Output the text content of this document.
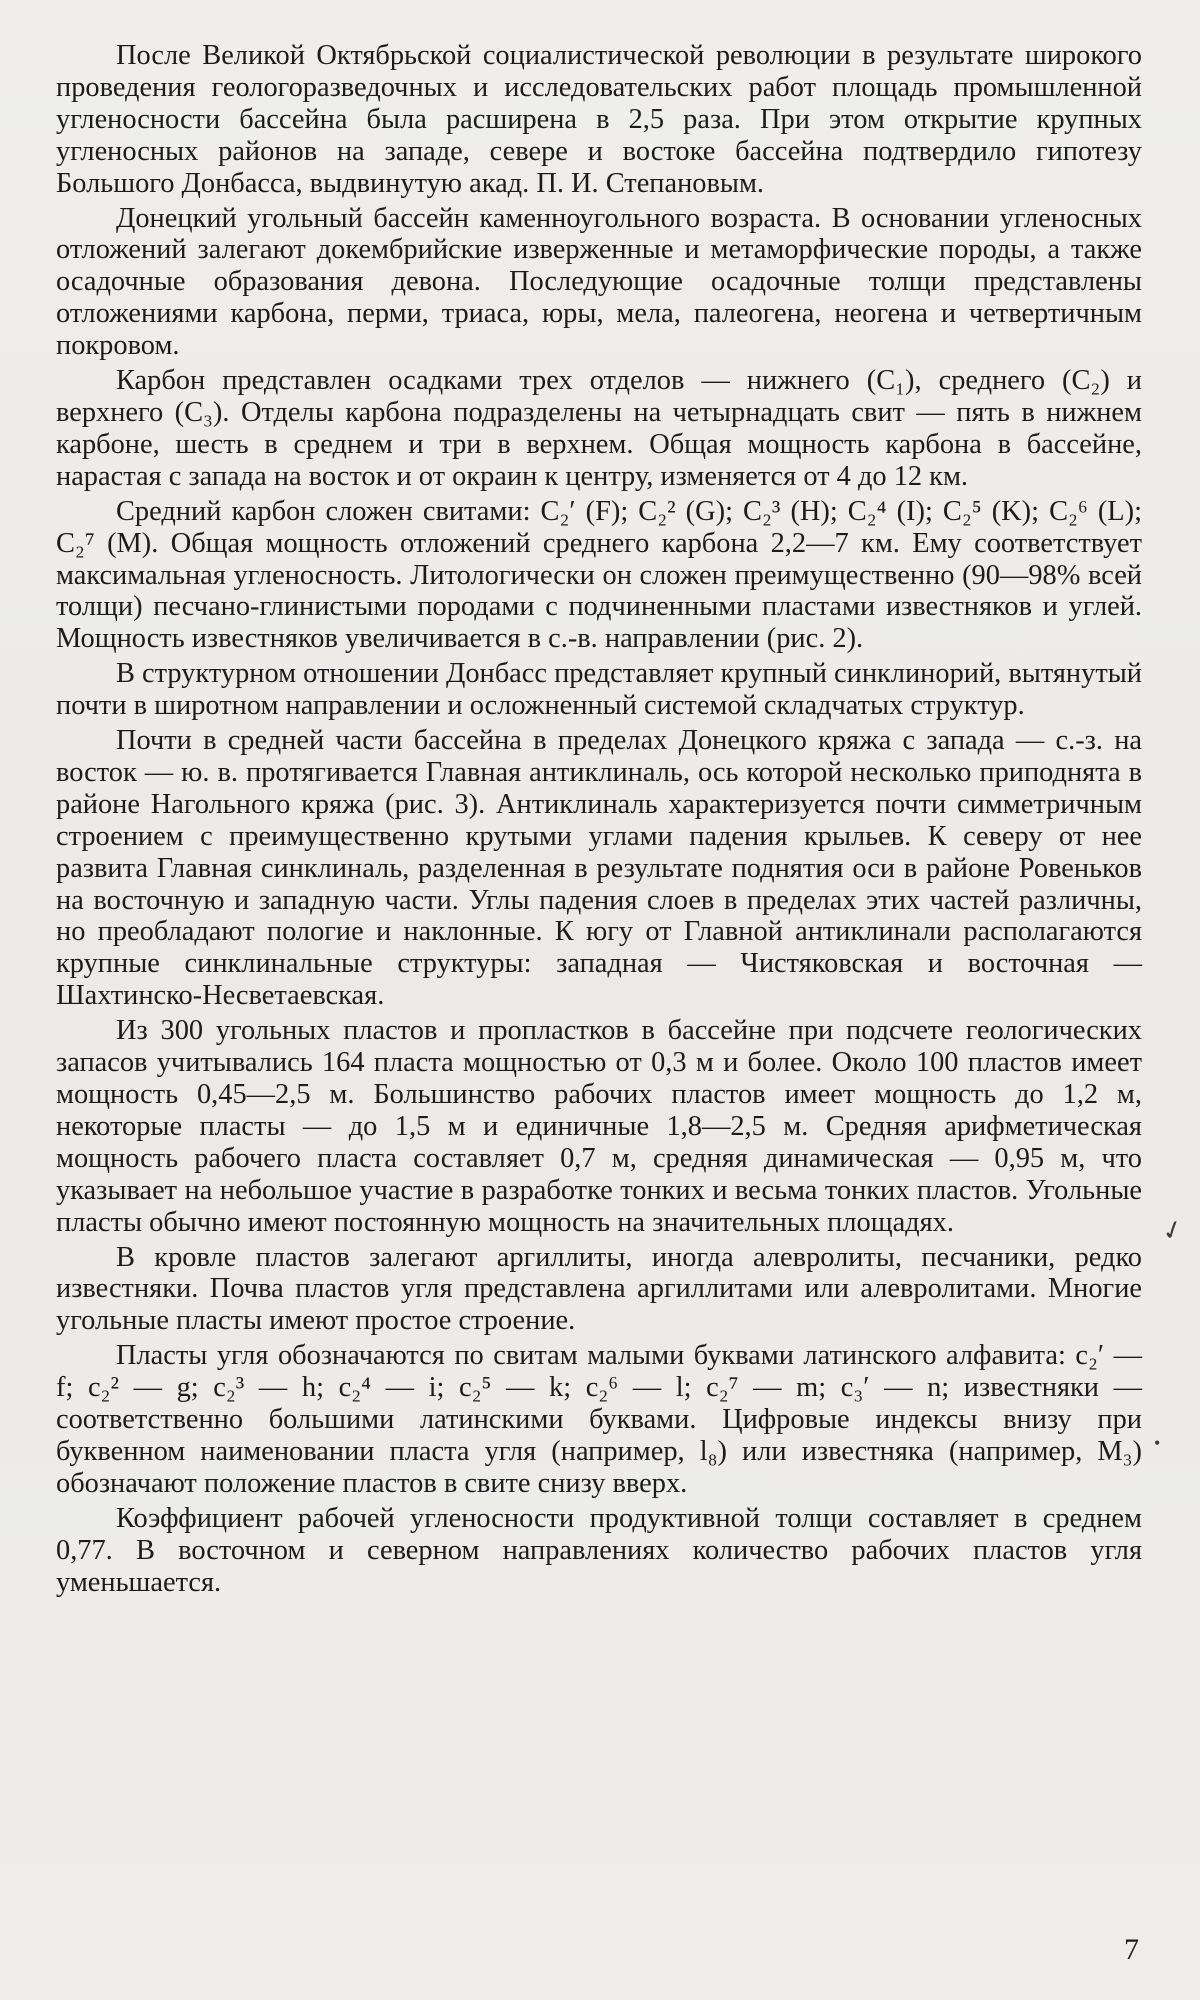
После Великой Октябрьской социалистической революции в результате широкого проведения геологоразведочных и исследовательских работ площадь промышленной угленосности бассейна была расширена в 2,5 раза. При этом открытие крупных угленосных районов на западе, севере и востоке бассейна подтвердило гипотезу Большого Донбасса, выдвинутую акад. П. И. Степановым.

Донецкий угольный бассейн каменноугольного возраста. В основании угленосных отложений залегают докембрийские изверженные и метаморфические породы, а также осадочные образования девона. Последующие осадочные толщи представлены отложениями карбона, перми, триаса, юры, мела, палеогена, неогена и четвертичным покровом.

Карбон представлен осадками трех отделов — нижнего (C₁), среднего (C₂) и верхнего (C₃). Отделы карбона подразделены на четырнадцать свит — пять в нижнем карбоне, шесть в среднем и три в верхнем. Общая мощность карбона в бассейне, нарастая с запада на восток и от окраин к центру, изменяется от 4 до 12 км.

Средний карбон сложен свитами: C₂′ (F); C₂² (G); C₂³ (H); C₂⁴ (I); C₂⁵ (K); C₂⁶ (L); C₂⁷ (M). Общая мощность отложений среднего карбона 2,2—7 км. Ему соответствует максимальная угленосность. Литологически он сложен преимущественно (90—98% всей толщи) песчано-глинистыми породами с подчиненными пластами известняков и углей. Мощность известняков увеличивается в с.-в. направлении (рис. 2).

В структурном отношении Донбасс представляет крупный синклинорий, вытянутый почти в широтном направлении и осложненный системой складчатых структур.

Почти в средней части бассейна в пределах Донецкого кряжа с запада — с.-з. на восток — ю. в. протягивается Главная антиклиналь, ось которой несколько приподнята в районе Нагольного кряжа (рис. 3). Антиклиналь характеризуется почти симметричным строением с преимущественно крутыми углами падения крыльев. К северу от нее развита Главная синклиналь, разделенная в результате поднятия оси в районе Ровеньков на восточную и западную части. Углы падения слоев в пределах этих частей различны, но преобладают пологие и наклонные. К югу от Главной антиклинали располагаются крупные синклинальные структуры: западная — Чистяковская и восточная — Шахтинско-Несветаевская.

Из 300 угольных пластов и пропластков в бассейне при подсчете геологических запасов учитывались 164 пласта мощностью от 0,3 м и более. Около 100 пластов имеет мощность 0,45—2,5 м. Большинство рабочих пластов имеет мощность до 1,2 м, некоторые пласты — до 1,5 м и единичные 1,8—2,5 м. Средняя арифметическая мощность рабочего пласта составляет 0,7 м, средняя динамическая — 0,95 м, что указывает на небольшое участие в разработке тонких и весьма тонких пластов. Угольные пласты обычно имеют постоянную мощность на значительных площадях.

В кровле пластов залегают аргиллиты, иногда алевролиты, песчаники, редко известняки. Почва пластов угля представлена аргиллитами или алевролитами. Многие угольные пласты имеют простое строение.

Пласты угля обозначаются по свитам малыми буквами латинского алфавита: c₂′ — f; c₂² — g; c₂³ — h; c₂⁴ — i; c₂⁵ — k; c₂⁶ — l; c₂⁷ — m; c₃′ — n; известняки — соответственно большими латинскими буквами. Цифровые индексы внизу при буквенном наименовании пласта угля (например, l₈) или известняка (например, M₃) обозначают положение пластов в свите снизу вверх.

Коэффициент рабочей угленосности продуктивной толщи составляет в среднем 0,77. В восточном и северном направлениях количество рабочих пластов угля уменьшается.

✓
•
7
